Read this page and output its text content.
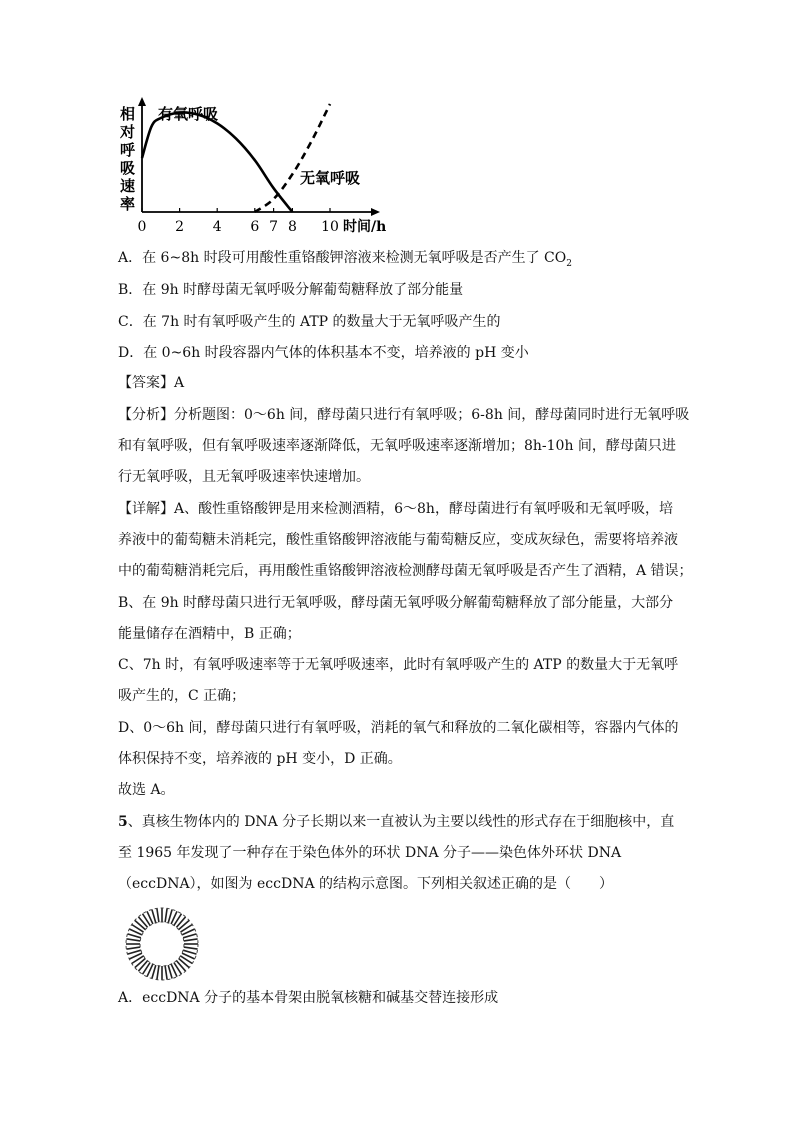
相
对
呼
吸
速
率
0 2 4 6 7 8 10 时间/h
有氧呼吸
无氧呼吸
A．在 6~8h 时段可用酸性重铬酸钾溶液来检测无氧呼吸是否产生了 $CO_2$
B．在 9h 时酵母菌无氧呼吸分解葡萄糖释放了部分能量
C．在 7h 时有氧呼吸产生的 ATP 的数量大于无氧呼吸产生的
D．在 0~6h 时段容器内气体的体积基本不变，培养液的 pH 变小
【答案】A
【分析】分析题图：0～6h 间，酵母菌只进行有氧呼吸；6-8h 间，酵母菌同时进行无氧呼吸
和有氧呼吸，但有氧呼吸速率逐渐降低，无氧呼吸速率逐渐增加；8h-10h 间，酵母菌只进
行无氧呼吸，且无氧呼吸速率快速增加。
【详解】A、酸性重铬酸钾是用来检测酒精，6～8h，酵母菌进行有氧呼吸和无氧呼吸，培
养液中的葡萄糖未消耗完，酸性重铬酸钾溶液能与葡萄糖反应，变成灰绿色，需要将培养液
中的葡萄糖消耗完后，再用酸性重铬酸钾溶液检测酵母菌无氧呼吸是否产生了酒精，A 错误；
B、在 9h 时酵母菌只进行无氧呼吸，酵母菌无氧呼吸分解葡萄糖释放了部分能量，大部分
能量储存在酒精中，B 正确；
C、7h 时，有氧呼吸速率等于无氧呼吸速率，此时有氧呼吸产生的 ATP 的数量大于无氧呼
吸产生的，C 正确；
D、0～6h 间，酵母菌只进行有氧呼吸，消耗的氧气和释放的二氧化碳相等，容器内气体的
体积保持不变，培养液的 pH 变小，D 正确。
故选 A。
5、真核生物体内的 DNA 分子长期以来一直被认为主要以线性的形式存在于细胞核中，直
至 1965 年发现了一种存在于染色体外的环状 DNA 分子——染色体外环状 DNA
（eccDNA），如图为 eccDNA 的结构示意图。下列相关叙述正确的是（　　）
A．eccDNA 分子的基本骨架由脱氧核糖和碱基交替连接形成
